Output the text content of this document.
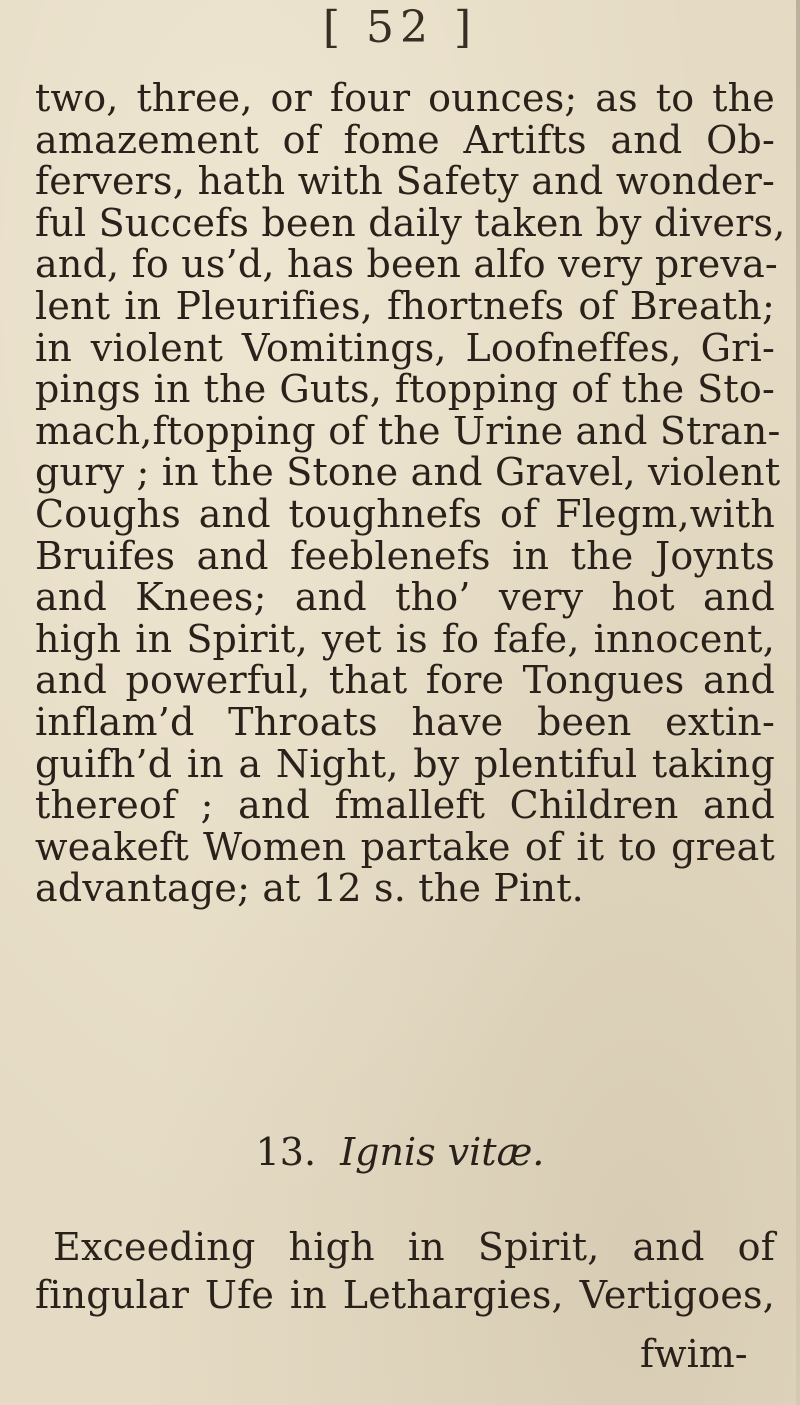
[ 52 ]
two, three, or four ounces; as to the
amazement of fome Artifts and Ob-
fervers, hath with Safety and wonder-
ful Succefs been daily taken by divers,
and, fo us’d, has been alfo very preva-
lent in Pleurifies, fhortnefs of Breath;
in violent Vomitings, Loofneffes, Gri-
pings in the Guts, ftopping of the Sto-
mach,ftopping of the Urine and Stran-
gury ; in the Stone and Gravel, violent
Coughs and toughnefs of Flegm,with
Bruifes and feeblenefs in the Joynts
and Knees; and tho’ very hot and
high in Spirit, yet is fo fafe, innocent,
and powerful, that fore Tongues and
inflam’d Throats have been extin-
guifh’d in a Night, by plentiful taking
thereof ; and fmalleft Children and
weakeft Women partake of it to great
advantage; at 12 s. the Pint.
13. Ignis vitæ.
Exceeding high in Spirit, and of
fingular Ufe in Lethargies, Vertigoes,
fwim-
